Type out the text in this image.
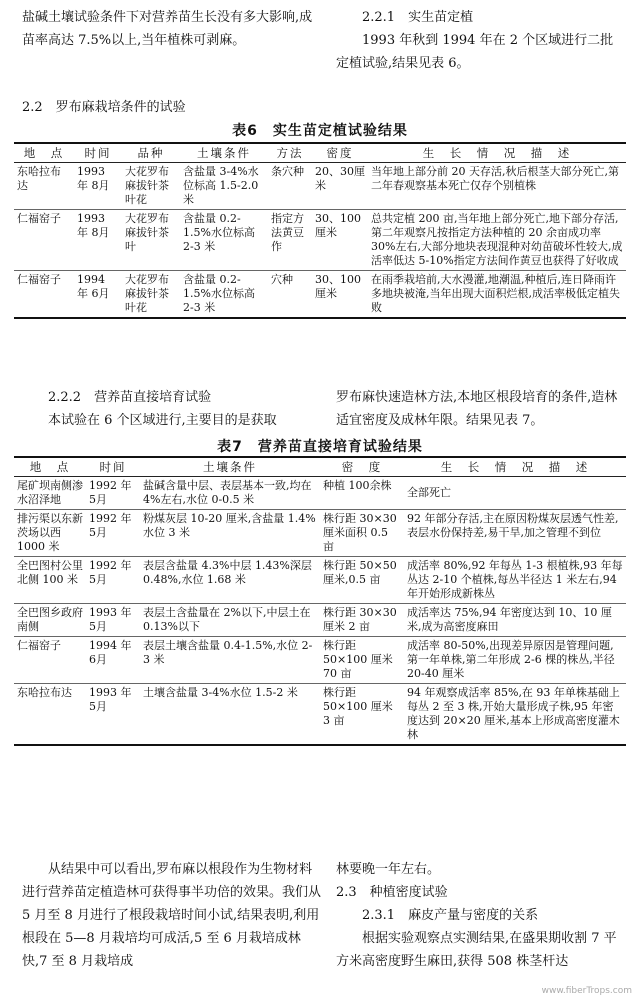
盐碱土壤试验条件下对营养苗生长没有多大影响,成苗率高达 7.5%以上,当年植株可剥麻。

2.2.1　实生苗定植

1993 年秋到 1994 年在 2 个区域进行二批定植试验,结果见表 6。

2.2　罗布麻栽培条件的试验
表6　实生苗定植试验结果
地　点	时间	品种	土壤条件	方法	密度	生　长　情　况　描　述
东哈拉布达	1993 年 8月	大花罗布麻拔针茶叶花	含盐量 3-4%水位标高 1.5-2.0 米	条穴种	20、30厘米	当年地上部分前 20 天存活,秋后根茎大部分死亡,第二年春观察基本死亡仅存个别植株
仁福窑子	1993 年 8月	大花罗布麻拔针茶叶	含盐量 0.2-1.5%水位标高 2-3 米	指定方法黄豆作	30、100厘米	总共定植 200 亩,当年地上部分死亡,地下部分存活,第二年观察凡按指定方法种植的 20 余亩成功率 30%左右,大部分地块表现混种对幼苗破坏性较大,成活率低达 5-10%指定方法间作黄豆也获得了好收成
仁福窑子	1994 年 6月	大花罗布麻拔针茶叶花	含盐量 0.2-1.5%水位标高 2-3 米	穴种	30、100厘米	在雨季栽培前,大水漫灌,地潮温,种植后,连日降雨许多地块被淹,当年出现大面积烂根,成活率极低定植失败

2.2.2　营养苗直接培育试验

本试验在 6 个区域进行,主要目的是获取

罗布麻快速造林方法,本地区根段培育的条件,造林适宜密度及成林年限。结果见表 7。

表7　营养苗直接培育试验结果
地　点	时间	土壤条件	密　度	生　长　情　况　描　述
尾矿坝南侧渗水沼泽地	1992 年 5月	盐碱含量中层、表层基本一致,均在 4%左右,水位 0-0.5 米	种植 100余株	全部死亡
排污渠以东新茨场以西 1000 米	1992 年 5月	粉煤灰层 10-20 厘米,含盐量 1.4%水位 3 米	株行距 30×30 厘米面积 0.5 亩	92 年部分存活,主在原因粉煤灰层透气性差,表层水份保持差,易干旱,加之管理不到位
全巴图村公里北侧 100 米	1992 年 5月	表层含盐量 4.3%中层 1.43%深层 0.48%,水位 1.68 米	株行距 50×50 厘米,0.5 亩	成活率 80%,92 年每丛 1-3 根植株,93 年每丛达 2-10 个植株,每丛半径达 1 米左右,94 年开始形成新株丛
全巴图乡政府南侧	1993 年 5月	表层土含盐量在 2%以下,中层土在 0.13%以下	株行距 30×30 厘米 2 亩	成活率达 75%,94 年密度达到 10、10 厘米,成为高密度麻田
仁福窑子	1994 年 6月	表层土壤含盐量 0.4-1.5%,水位 2-3 米	株行距 50×100 厘米 70 亩	成活率 80-50%,出现差异原因是管理问题,第一年单株,第二年形成 2-6 棵的株丛,半径 20-40 厘米
东哈拉布达	1993 年 5月	土壤含盐量 3-4%水位 1.5-2 米	株行距 50×100 厘米 3 亩	94 年观察成活率 85%,在 93 年单株基础上每丛 2 至 3 株,开始大量形成子株,95 年密度达到 20×20 厘米,基本上形成高密度灌木林

从结果中可以看出,罗布麻以根段作为生物材料进行营养苗定植造林可获得事半功倍的效果。我们从 5 月至 8 月进行了根段栽培时间小试,结果表明,利用根段在 5—8 月栽培均可成活,5 至 6 月栽培成林快,7 至 8 月栽培成

林要晚一年左右。

2.3　种植密度试验

2.3.1　麻皮产量与密度的关系

根据实验观察点实测结果,在盛果期收割 7 平方米高密度野生麻田,获得 508 株茎杆达

www.fiberTrops.com
